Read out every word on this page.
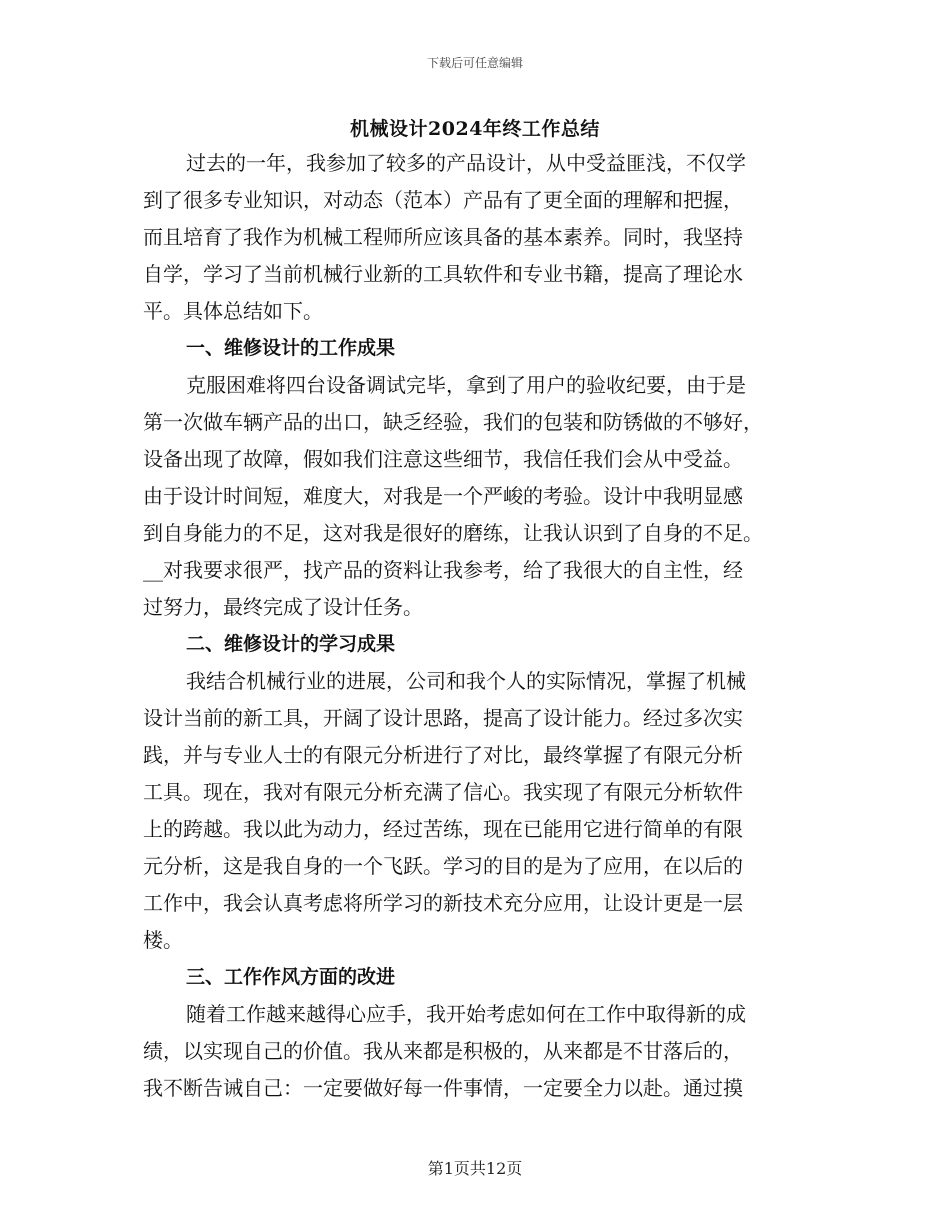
下载后可任意编辑
机械设计2024年终工作总结
过去的一年，我参加了较多的产品设计，从中受益匪浅，不仅学
到了很多专业知识，对动态（范本）产品有了更全面的理解和把握，
而且培育了我作为机械工程师所应该具备的基本素养。同时，我坚持
自学，学习了当前机械行业新的工具软件和专业书籍，提高了理论水
平。具体总结如下。
一、维修设计的工作成果
克服困难将四台设备调试完毕，拿到了用户的验收纪要，由于是
第一次做车辆产品的出口，缺乏经验，我们的包装和防锈做的不够好，
设备出现了故障，假如我们注意这些细节，我信任我们会从中受益。
由于设计时间短，难度大，对我是一个严峻的考验。设计中我明显感
到自身能力的不足，这对我是很好的磨练，让我认识到了自身的不足。
__对我要求很严，找产品的资料让我参考，给了我很大的自主性，经
过努力，最终完成了设计任务。
二、维修设计的学习成果
我结合机械行业的进展，公司和我个人的实际情况，掌握了机械
设计当前的新工具，开阔了设计思路，提高了设计能力。经过多次实
践，并与专业人士的有限元分析进行了对比，最终掌握了有限元分析
工具。现在，我对有限元分析充满了信心。我实现了有限元分析软件
上的跨越。我以此为动力，经过苦练，现在已能用它进行简单的有限
元分析，这是我自身的一个飞跃。学习的目的是为了应用，在以后的
工作中，我会认真考虑将所学习的新技术充分应用，让设计更是一层
楼。
三、工作作风方面的改进
随着工作越来越得心应手，我开始考虑如何在工作中取得新的成
绩，以实现自己的价值。我从来都是积极的，从来都是不甘落后的，
我不断告诫自己：一定要做好每一件事情，一定要全力以赴。通过摸
第1页共12页
